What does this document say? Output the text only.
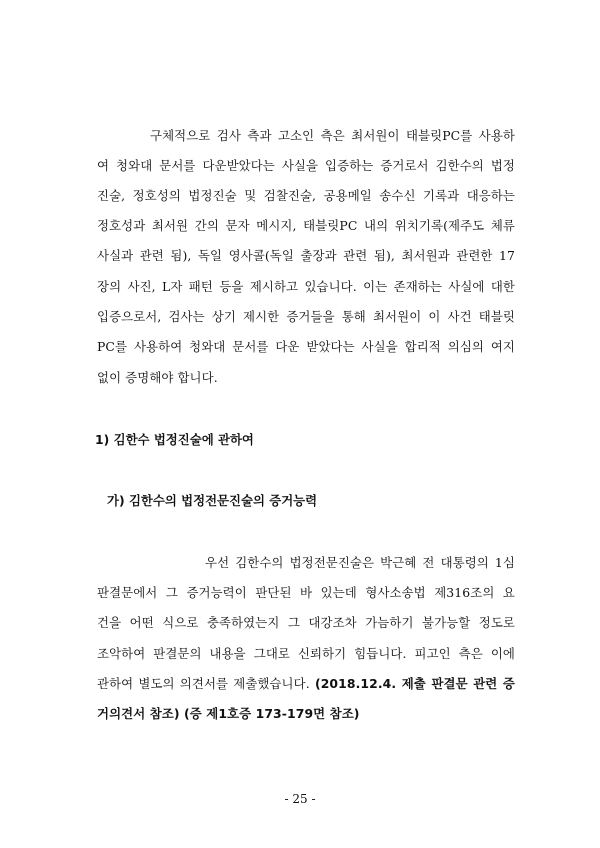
구체적으로 검사 측과 고소인 측은 최서원이 태블릿PC를 사용하
여 청와대 문서를 다운받았다는 사실을 입증하는 증거로서 김한수의 법정
진술, 정호성의 법정진술 및 검찰진술, 공용메일 송수신 기록과 대응하는
정호성과 최서원 간의 문자 메시지, 태블릿PC 내의 위치기록(제주도 체류
사실과 관련 됨), 독일 영사콜(독일 출장과 관련 됨), 최서원과 관련한 17
장의 사진, L자 패턴 등을 제시하고 있습니다. 이는 존재하는 사실에 대한
입증으로서, 검사는 상기 제시한 증거들을 통해 최서원이 이 사건 태블릿
PC를 사용하여 청와대 문서를 다운 받았다는 사실을 합리적 의심의 여지
없이 증명해야 합니다.
1) 김한수 법정진술에 관하여
가) 김한수의 법정전문진술의 증거능력
우선 김한수의 법정전문진술은 박근혜 전 대통령의 1심
판결문에서 그 증거능력이 판단된 바 있는데 형사소송법 제316조의 요
건을 어떤 식으로 충족하였는지 그 대강조차 가늠하기 불가능할 정도로
조악하여 판결문의 내용을 그대로 신뢰하기 힘듭니다. 피고인 측은 이에
관하여 별도의 의견서를 제출했습니다. (2018.12.4. 제출 판결문 관련 증
거의견서 참조) (증 제1호증 173-179면 참조)
- 25 -
